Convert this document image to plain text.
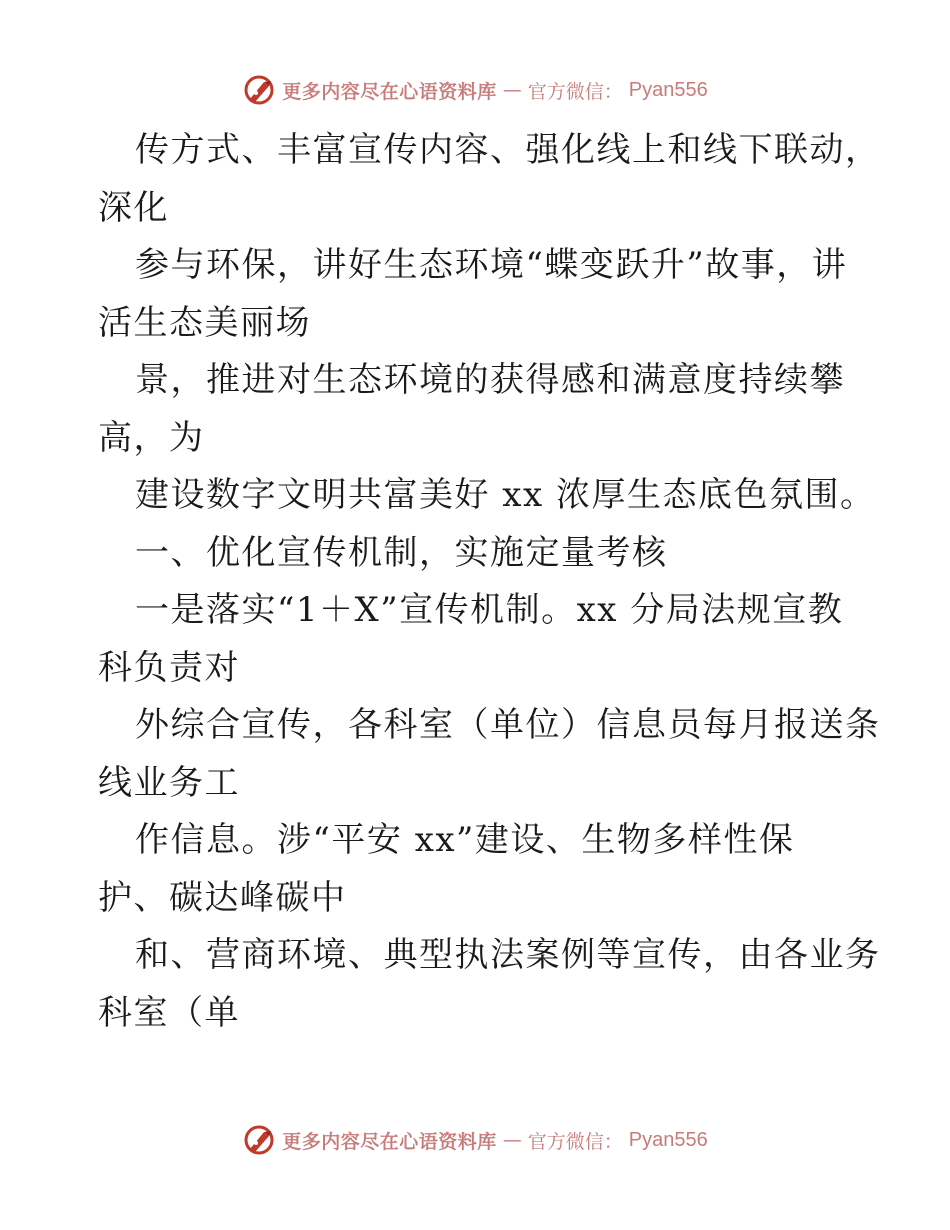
更多内容尽在心语资料库 — 官方微信： Pyan556
传方式、丰富宣传内容、强化线上和线下联动，
深化
参与环保，讲好生态环境“蝶变跃升”故事，讲
活生态美丽场
景，推进对生态环境的获得感和满意度持续攀
高，为
建设数字文明共富美好 xx 浓厚生态底色氛围。
一、优化宣传机制，实施定量考核
一是落实“1＋X”宣传机制。xx 分局法规宣教
科负责对
外综合宣传，各科室（单位）信息员每月报送条
线业务工
作信息。涉“平安 xx”建设、生物多样性保
护、碳达峰碳中
和、营商环境、典型执法案例等宣传，由各业务
科室（单
更多内容尽在心语资料库 — 官方微信： Pyan556
